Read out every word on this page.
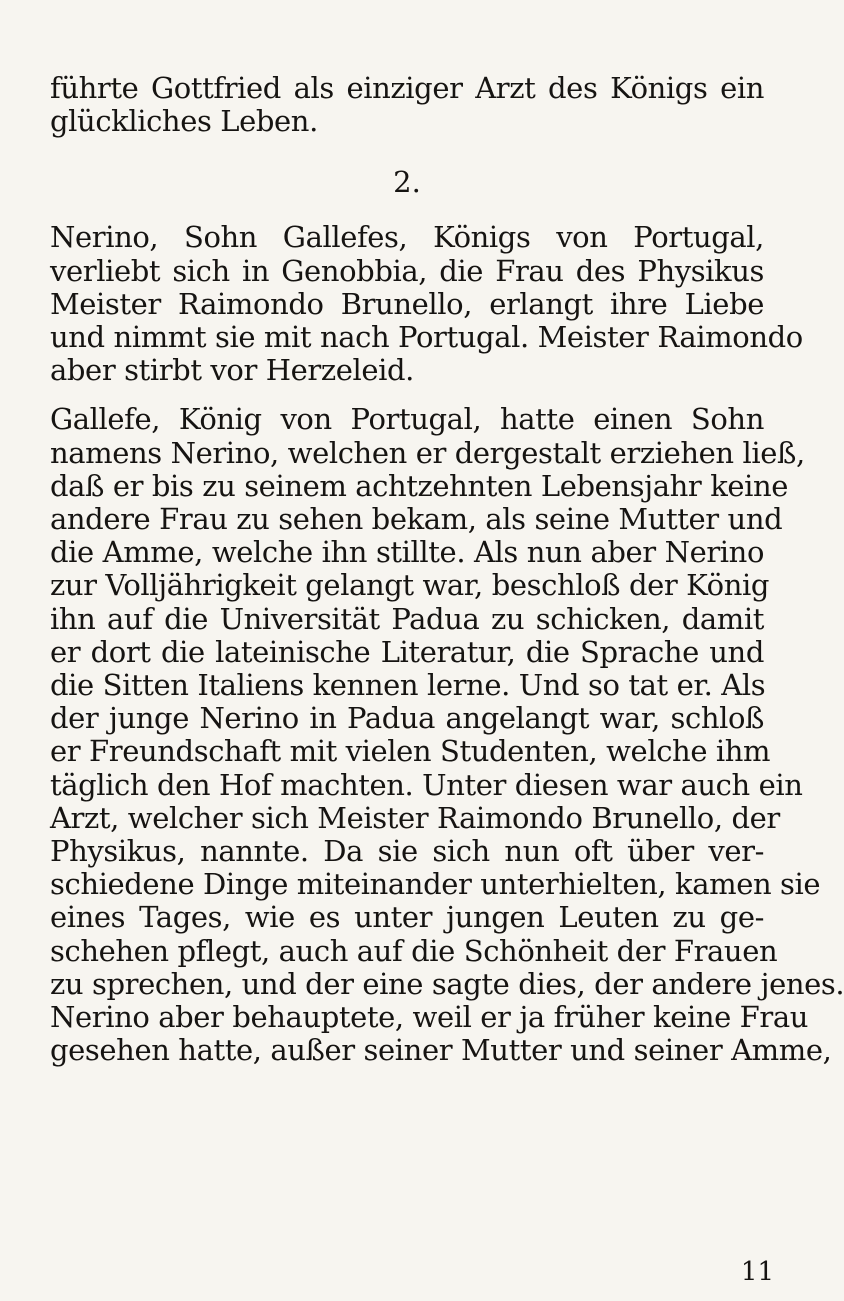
führte Gottfried als einziger Arzt des Königs ein
glückliches Leben.
2.
Nerino, Sohn Gallefes, Königs von Portugal,
verliebt sich in Genobbia, die Frau des Physikus
Meister Raimondo Brunello, erlangt ihre Liebe
und nimmt sie mit nach Portugal. Meister Raimondo
aber stirbt vor Herzeleid.
Gallefe, König von Portugal, hatte einen Sohn
namens Nerino, welchen er dergestalt erziehen ließ,
daß er bis zu seinem achtzehnten Lebensjahr keine
andere Frau zu sehen bekam, als seine Mutter und
die Amme, welche ihn stillte. Als nun aber Nerino
zur Volljährigkeit gelangt war, beschloß der König
ihn auf die Universität Padua zu schicken, damit
er dort die lateinische Literatur, die Sprache und
die Sitten Italiens kennen lerne. Und so tat er. Als
der junge Nerino in Padua angelangt war, schloß
er Freundschaft mit vielen Studenten, welche ihm
täglich den Hof machten. Unter diesen war auch ein
Arzt, welcher sich Meister Raimondo Brunello, der
Physikus, nannte. Da sie sich nun oft über ver-
schiedene Dinge miteinander unterhielten, kamen sie
eines Tages, wie es unter jungen Leuten zu ge-
schehen pflegt, auch auf die Schönheit der Frauen
zu sprechen, und der eine sagte dies, der andere jenes.
Nerino aber behauptete, weil er ja früher keine Frau
gesehen hatte, außer seiner Mutter und seiner Amme,
11
